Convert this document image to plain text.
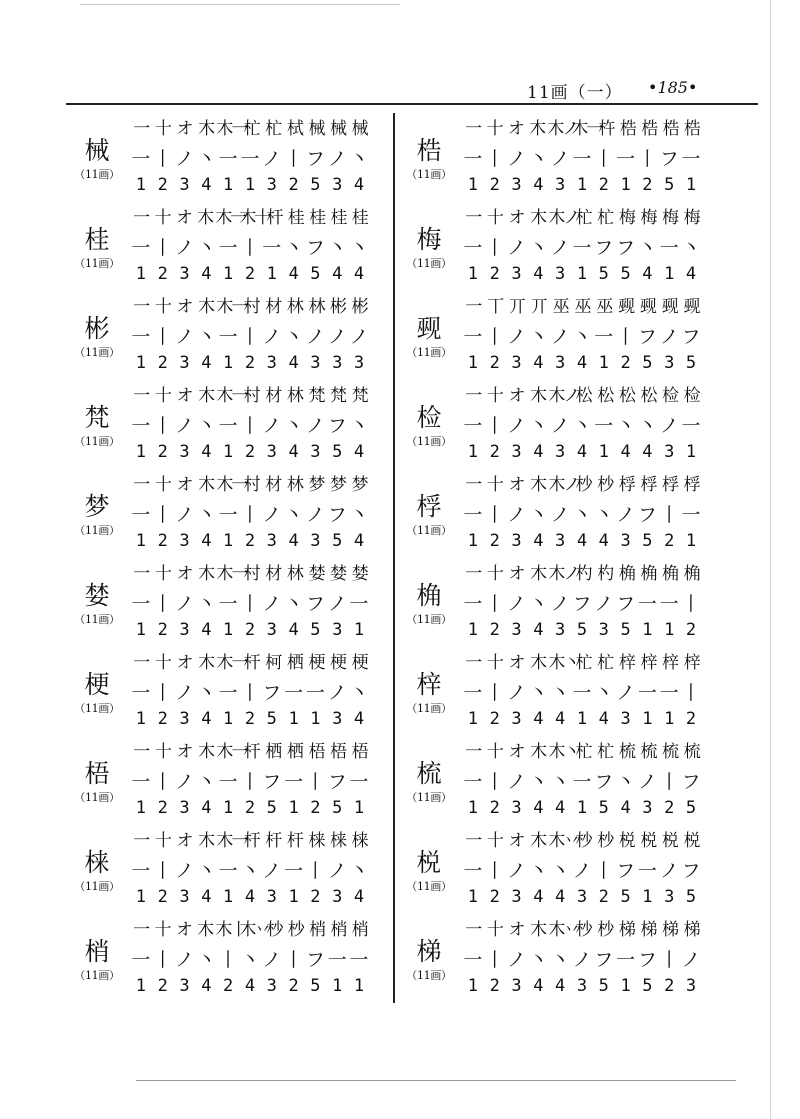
11画（一） •185•
械
（11画）
一 十 オ 木 木一
杧 杧 栻 械 械 械
一 丨 ノ 丶 一 一 ノ 丨 フ ノ 丶
1 2 3 4 1 1 3 2 5 3 4
桂
（11画）
一 十 オ 木 木一
木十
杆 桂 桂 桂 桂
一 丨 ノ 丶 一 丨 一 丶 フ 丶 丶
1 2 3 4 1 2 1 4 5 4 4
彬
（11画）
一 十 オ 木 木一
村 材 林 林 彬 彬
一 丨 ノ 丶 一 丨 ノ 丶 ノ ノ ノ
1 2 3 4 1 2 3 4 3 3 3
梵
（11画）
一 十 オ 木 木一
村 材 林 梵 梵 梵
一 丨 ノ 丶 一 丨 ノ 丶 ノ フ 丶
1 2 3 4 1 2 3 4 3 5 4
梦
（11画）
一 十 オ 木 木一
村 材 林 梦 梦 梦
一 丨 ノ 丶 一 丨 ノ 丶 ノ フ 丶
1 2 3 4 1 2 3 4 3 5 4
婪
（11画）
一 十 オ 木 木一
村 材 林 婪 婪 婪
一 丨 ノ 丶 一 丨 ノ 丶 フ ノ 一
1 2 3 4 1 2 3 4 5 3 1
梗
（11画）
一 十 オ 木 木一
杆 柯 栖 梗 梗 梗
一 丨 ノ 丶 一 丨 フ 一 一 ノ 丶
1 2 3 4 1 2 5 1 1 3 4
梧
（11画）
一 十 オ 木 木一
杆 栖 栖 梧 梧 梧
一 丨 ノ 丶 一 丨 フ 一 丨 フ 一
1 2 3 4 1 2 5 1 2 5 1
梾
（11画）
一 十 オ 木 木一
杆 杆 杆 梾 梾 梾
一 丨 ノ 丶 一 丶 ノ 一 丨 ノ 丶
1 2 3 4 1 4 3 1 2 3 4
梢
（11画）
一 十 オ 木 木丨
木丷
杪 杪 梢 梢 梢
一 丨 ノ 丶 丨 丶 ノ 丨 フ 一 一
1 2 3 4 2 4 3 2 5 1 1
梏
（11画）
一 十 オ 木 木ノ
木一
杵 梏 梏 梏 梏
一 丨 ノ 丶 ノ 一 丨 一 丨 フ 一
1 2 3 4 3 1 2 1 2 5 1
梅
（11画）
一 十 オ 木 木ノ
杧 杧 梅 梅 梅 梅
一 丨 ノ 丶 ノ 一 フ フ 丶 一 丶
1 2 3 4 3 1 5 5 4 1 4
觋
（11画）
一 丅 丌 丌 巫 巫 巫 觋 觋 觋 觋
一 丨 ノ 丶 ノ 丶 一 丨 フ ノ フ
1 2 3 4 3 4 1 2 5 3 5
检
（11画）
一 十 オ 木 木ノ
松 松 松 松 检 检
一 丨 ノ 丶 ノ 丶 一 丶 丶 ノ 一
1 2 3 4 3 4 1 4 4 3 1
桴
（11画）
一 十 オ 木 木ノ
杪 杪 桴 桴 桴 桴
一 丨 ノ 丶 ノ 丶 丶 ノ フ 丨 一
1 2 3 4 3 4 4 3 5 2 1
桷
（11画）
一 十 オ 木 木ノ
杓 杓 桷 桷 桷 桷
一 丨 ノ 丶 ノ フ ノ フ 一 一 丨
1 2 3 4 3 5 3 5 1 1 2
梓
（11画）
一 十 オ 木 木丶
杧 杧 梓 梓 梓 梓
一 丨 ノ 丶 丶 一 丶 ノ 一 一 丨
1 2 3 4 4 1 4 3 1 1 2
梳
（11画）
一 十 オ 木 木丶
杧 杧 梳 梳 梳 梳
一 丨 ノ 丶 丶 一 フ 丶 ノ 丨 フ
1 2 3 4 4 1 5 4 3 2 5
棁
（11画）
一 十 オ 木 木丷
杪 杪 棁 棁 棁 棁
一 丨 ノ 丶 丶 ノ 丨 フ 一 ノ フ
1 2 3 4 4 3 2 5 1 3 5
梯
（11画）
一 十 オ 木 木丷
杪 杪 梯 梯 梯 梯
一 丨 ノ 丶 丶 ノ フ 一 フ 丨 ノ
1 2 3 4 4 3 5 1 5 2 3
